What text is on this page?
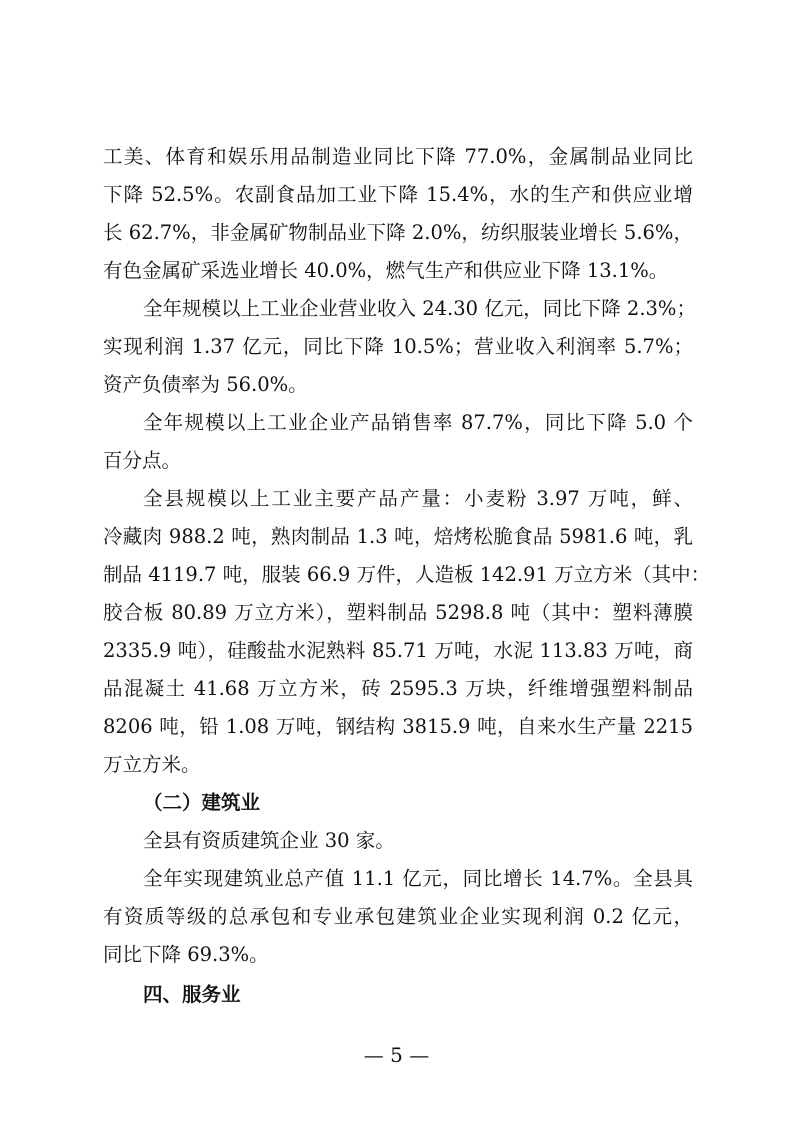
工美、体育和娱乐用品制造业同比下降 77.0%，金属制品业同比
下降 52.5%。农副食品加工业下降 15.4%，水的生产和供应业增
长 62.7%，非金属矿物制品业下降 2.0%，纺织服装业增长 5.6%，
有色金属矿采选业增长 40.0%，燃气生产和供应业下降 13.1%。
全年规模以上工业企业营业收入 24.30 亿元，同比下降 2.3%；
实现利润 1.37 亿元，同比下降 10.5%；营业收入利润率 5.7%；
资产负债率为 56.0%。
全年规模以上工业企业产品销售率 87.7%，同比下降 5.0 个
百分点。
全县规模以上工业主要产品产量：小麦粉 3.97 万吨，鲜、
冷藏肉 988.2 吨，熟肉制品 1.3 吨，焙烤松脆食品 5981.6 吨，乳
制品 4119.7 吨，服装 66.9 万件，人造板 142.91 万立方米（其中：
胶合板 80.89 万立方米），塑料制品 5298.8 吨（其中：塑料薄膜
2335.9 吨），硅酸盐水泥熟料 85.71 万吨，水泥 113.83 万吨，商
品混凝土 41.68 万立方米，砖 2595.3 万块，纤维增强塑料制品
8206 吨，铅 1.08 万吨，钢结构 3815.9 吨，自来水生产量 2215
万立方米。
（二）建筑业
全县有资质建筑企业 30 家。
全年实现建筑业总产值 11.1 亿元，同比增长 14.7%。全县具
有资质等级的总承包和专业承包建筑业企业实现利润 0.2 亿元，
同比下降 69.3%。
四、服务业
— 5 —
